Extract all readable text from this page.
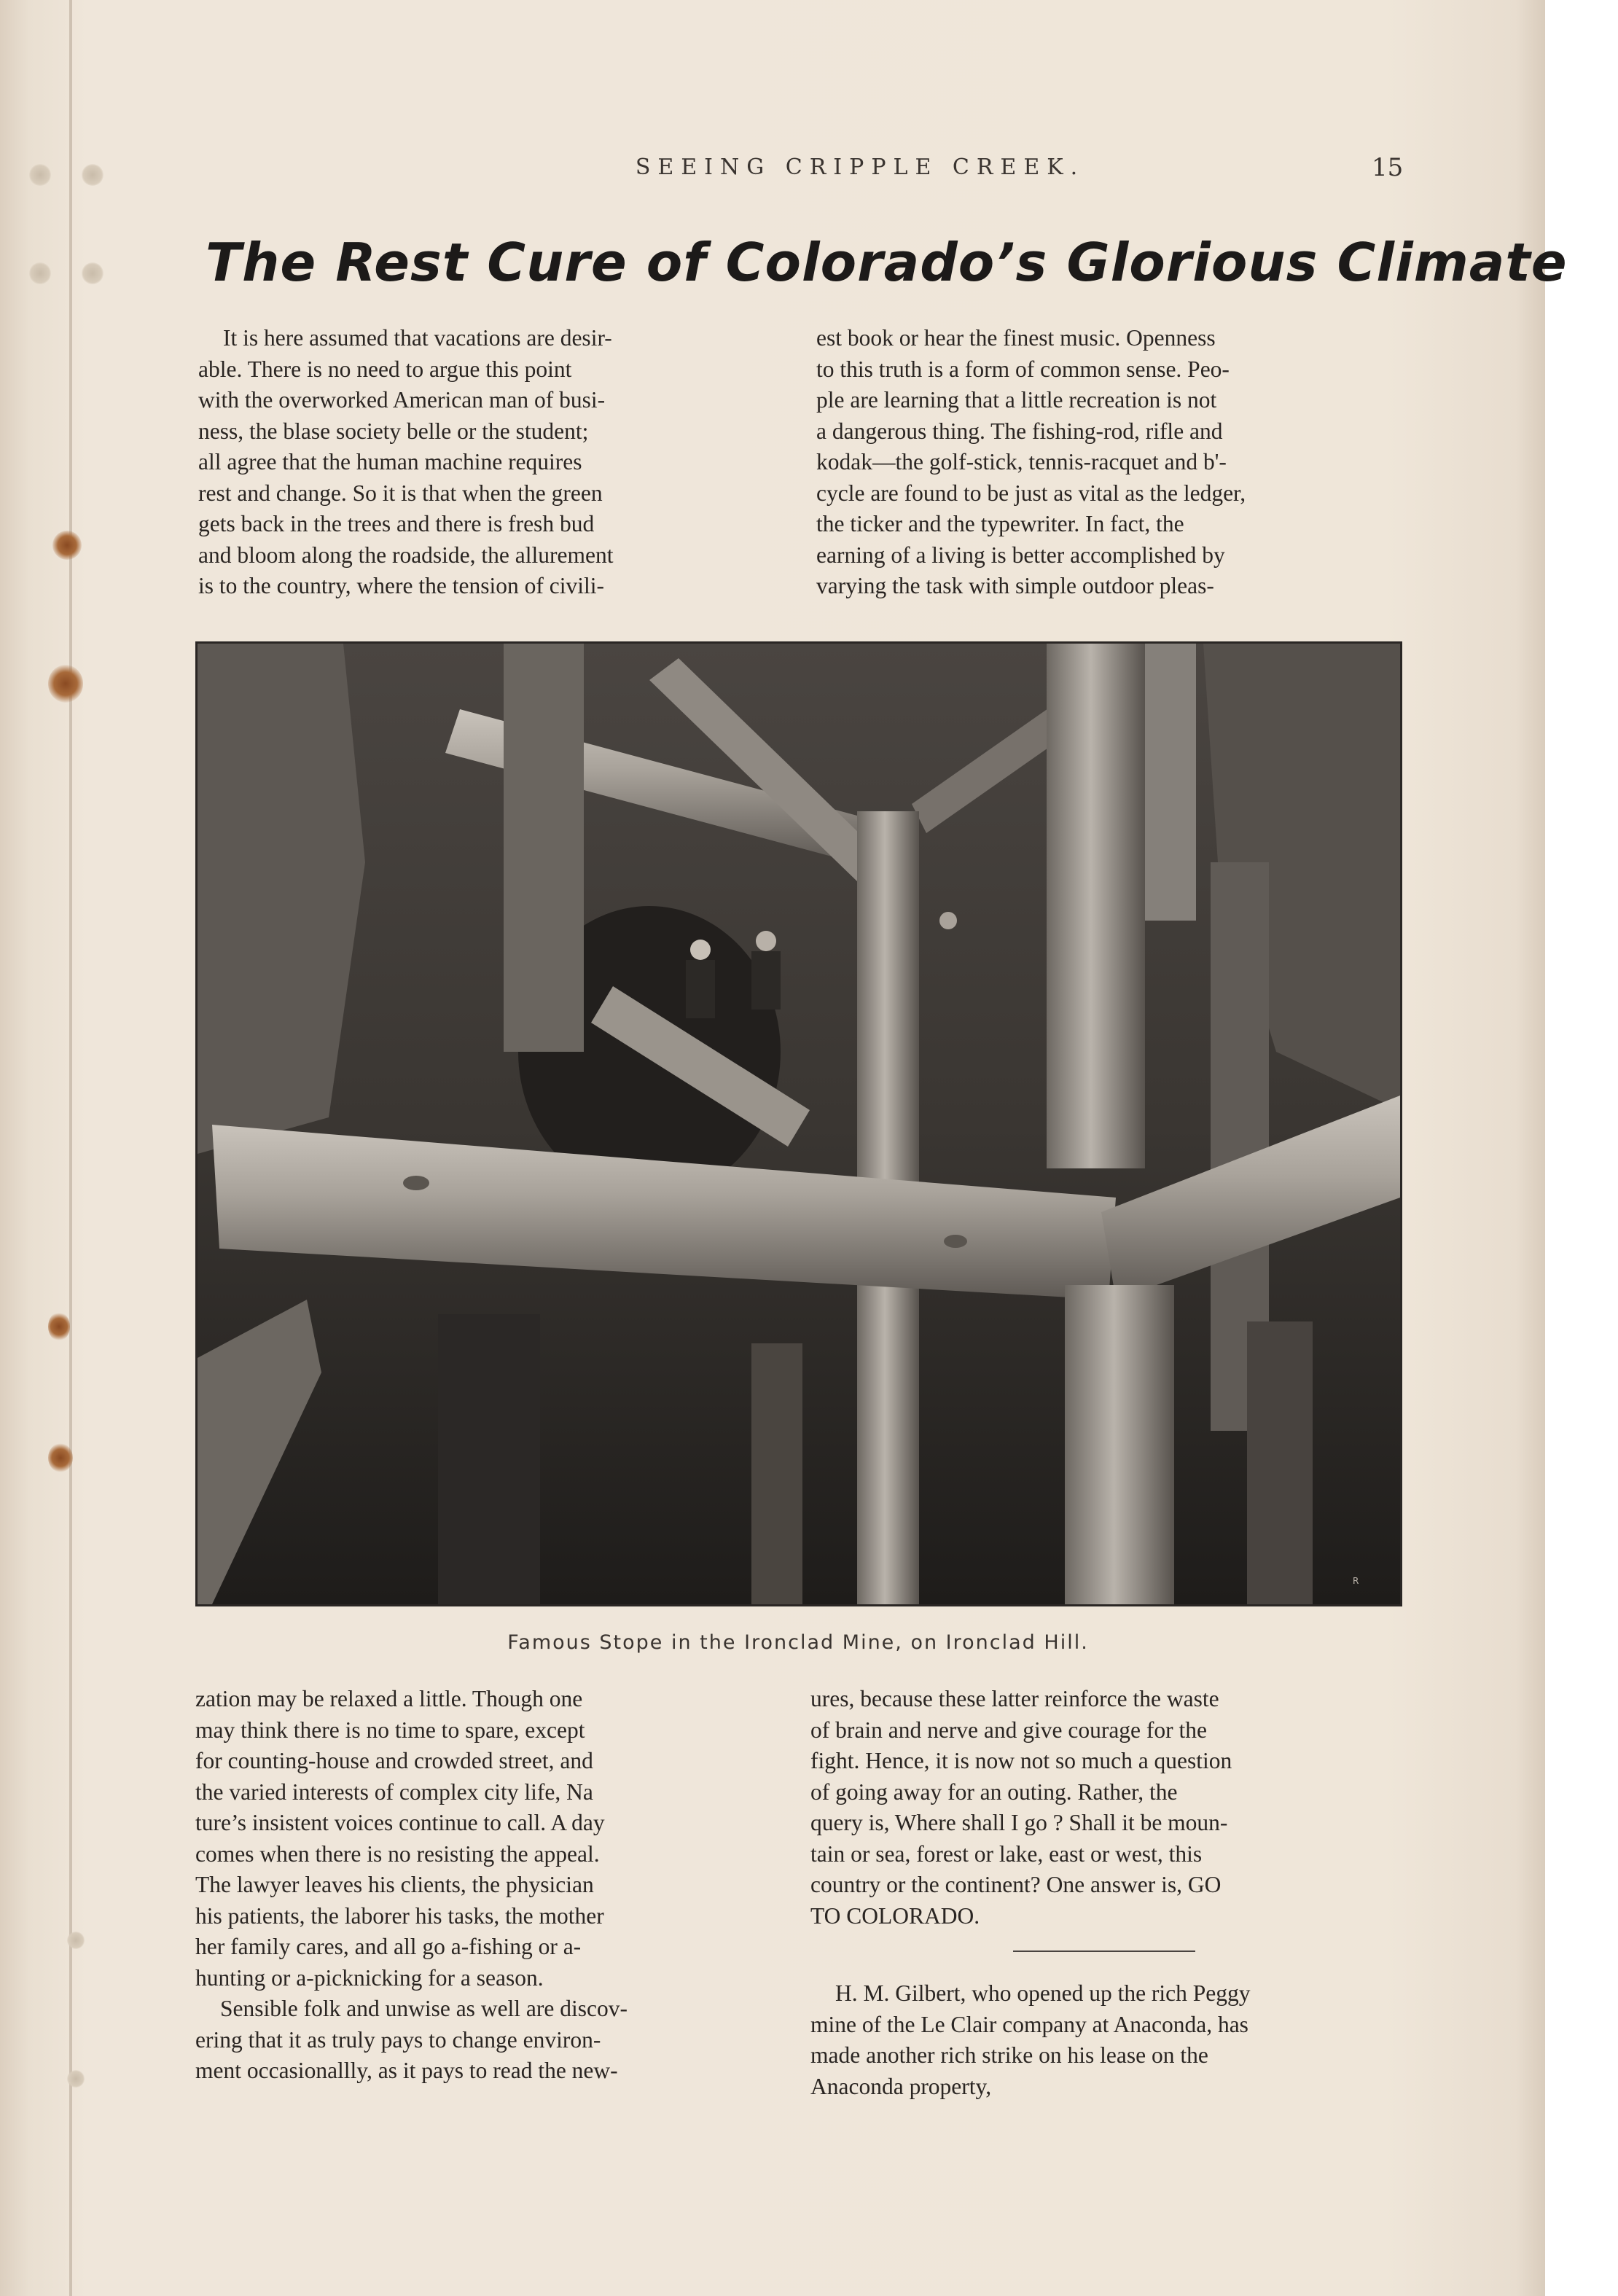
SEEING CRIPPLE CREEK.	15
The Rest Cure of Colorado’s Glorious Climate

It is here assumed that vacations are desir-

able. There is no need to argue this point

with the overworked American man of busi-

ness, the blase society belle or the student;

all agree that the human machine requires

rest and change. So it is that when the green

gets back in the trees and there is fresh bud

and bloom along the roadside, the allurement

is to the country, where the tension of civili-

est book or hear the finest music. Openness

to this truth is a form of common sense. Peo-

ple are learning that a little recreation is not

a dangerous thing. The fishing-rod, rifle and

kodak—the golf-stick, tennis-racquet and b'-

cycle are found to be just as vital as the ledger,

the ticker and the typewriter. In fact, the

earning of a living is better accomplished by

varying the task with simple outdoor pleas-

R
Famous Stope in the Ironclad Mine, on Ironclad Hill.

zation may be relaxed a little. Though one

may think there is no time to spare, except

for counting-house and crowded street, and

the varied interests of complex city life, Na

ture’s insistent voices continue to call. A day

comes when there is no resisting the appeal.

The lawyer leaves his clients, the physician

his patients, the laborer his tasks, the mother

her family cares, and all go a-fishing or a-

hunting or a-picknicking for a season.

Sensible folk and unwise as well are discov-

ering that it as truly pays to change environ-

ment occasionallly, as it pays to read the new-

ures, because these latter reinforce the waste

of brain and nerve and give courage for the

fight. Hence, it is now not so much a question

of going away for an outing. Rather, the

query is, Where shall I go ? Shall it be moun-

tain or sea, forest or lake, east or west, this

country or the continent? One answer is, GO

TO COLORADO.

H. M. Gilbert, who opened up the rich Peggy

mine of the Le Clair company at Anaconda, has

made another rich strike on his lease on the

Anaconda property,
